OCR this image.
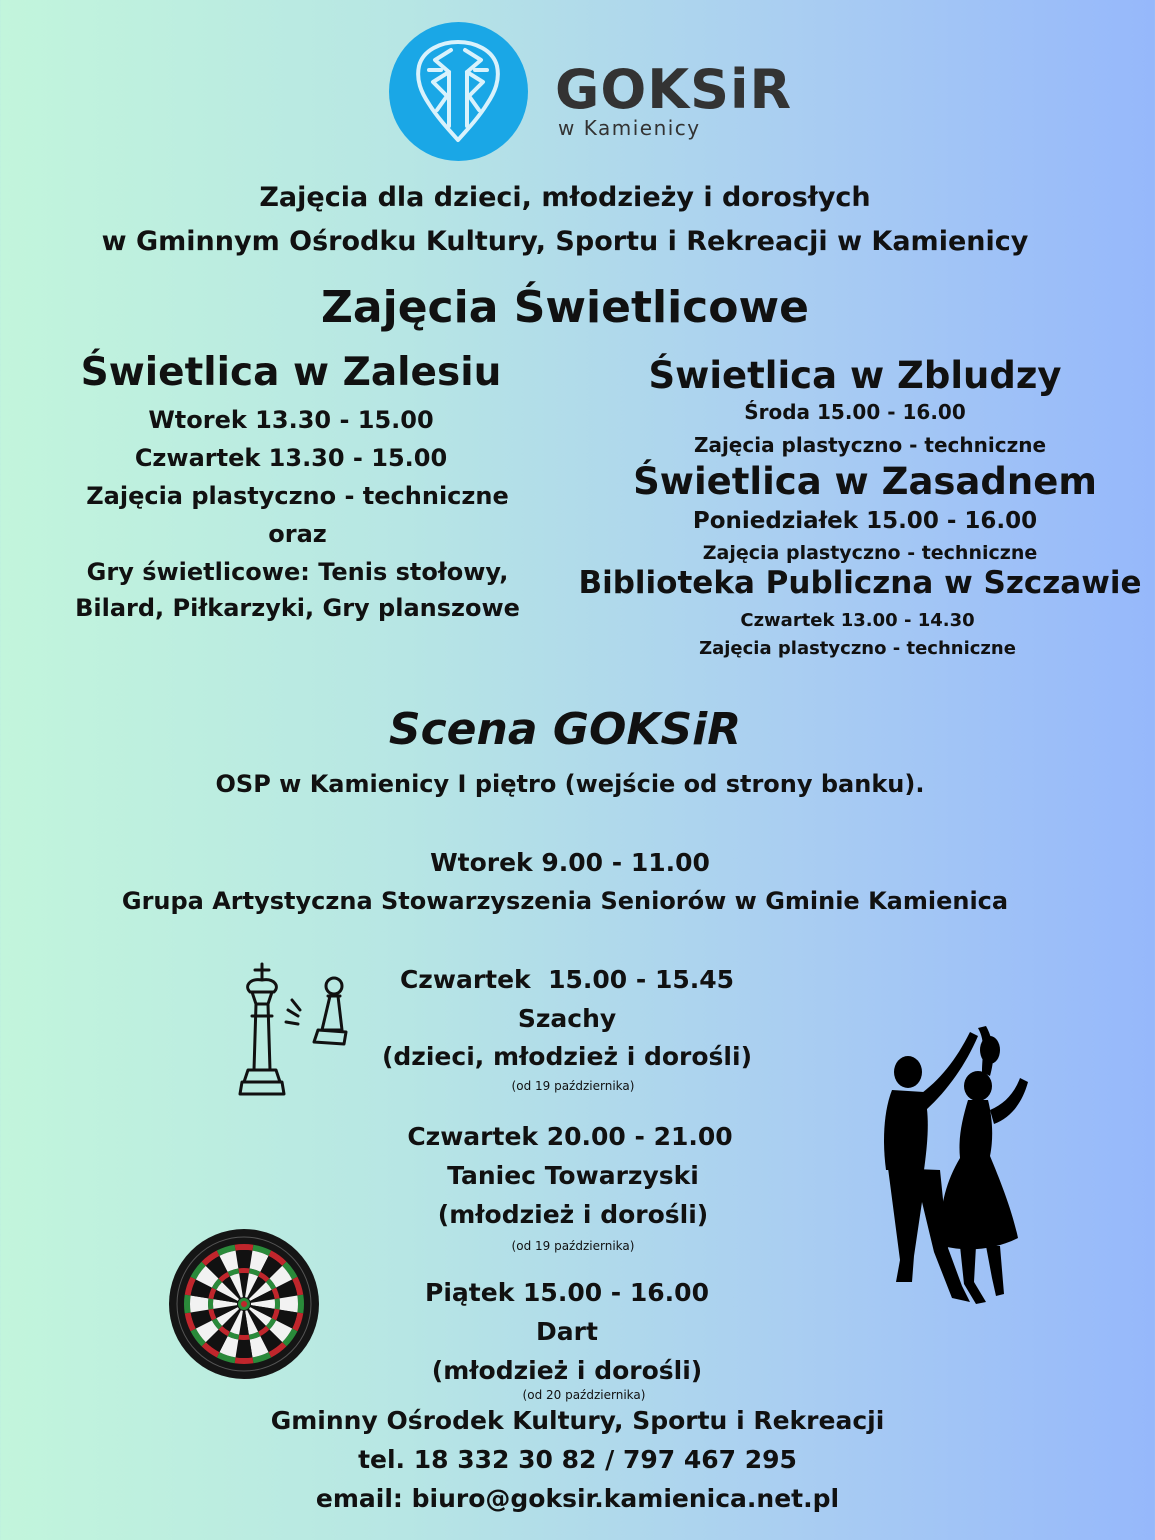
GOKSiR
w Kamienicy
Zajęcia dla dzieci, młodzieży i dorosłych
w Gminnym Ośrodku Kultury, Sportu i Rekreacji w Kamienicy
Zajęcia Świetlicowe
Świetlica w Zalesiu
Wtorek 13.30 - 15.00
Czwartek 13.30 - 15.00
Zajęcia plastyczno - techniczne
oraz
Gry świetlicowe: Tenis stołowy,
Bilard, Piłkarzyki, Gry planszowe
Świetlica w Zbludzy
Środa 15.00 - 16.00
Zajęcia plastyczno - techniczne
Świetlica w Zasadnem
Poniedziałek 15.00 - 16.00
Zajęcia plastyczno - techniczne
Biblioteka Publiczna w Szczawie
Czwartek 13.00 - 14.30
Zajęcia plastyczno - techniczne
Scena GOKSiR
OSP w Kamienicy I piętro (wejście od strony banku).
Wtorek 9.00 - 11.00
Grupa Artystyczna Stowarzyszenia Seniorów w Gminie Kamienica
Czwartek  15.00 - 15.45
Szachy
(dzieci, młodzież i dorośli)
(od 19 października)
Czwartek 20.00 - 21.00
Taniec Towarzyski
(młodzież i dorośli)
(od 19 października)
Piątek 15.00 - 16.00
Dart
(młodzież i dorośli)
(od 20 października)
Gminny Ośrodek Kultury, Sportu i Rekreacji
tel. 18 332 30 82 / 797 467 295
email: biuro@goksir.kamienica.net.pl
